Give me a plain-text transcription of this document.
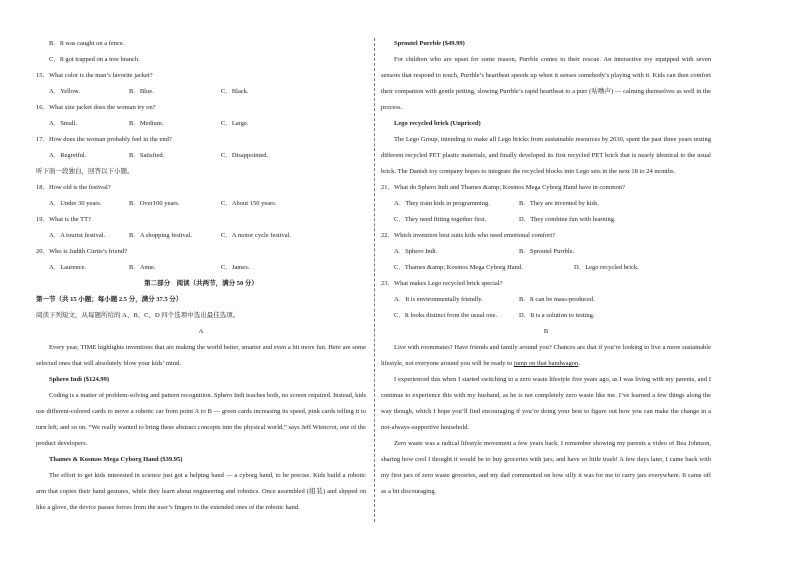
B．It was caught on a fence.
C．It got trapped on a tree branch.
15．What color is the man’s favorite jacket?
A．Yellow.	B．Blue.	C．Black.
16．What size jacket does the woman try on?
A．Small.	B．Medium.	C．Large.
17．How does the woman probably feel in the end?
A．Regretful.	B．Satisfied.	C．Disappointed.
听下面一段独白，回答以下小题。
18．How old is the festival?
A．Under 30 years.	B．Over100 years.	C．About 150 years.
19．What is the TT?
A．A tourist festival.	B．A shopping festival.	C．A motor cycle festival.
20．Who is Judith Curtis’s friend?
A．Laurence.	B．Anne.	C．James.
第二部分　阅读（共两节，满分 50 分）
第一节（共 15 小题；每小题 2.5 分，满分 37.5 分）
阅读下列短文，从每题所给的 A、B、C、D 四个选项中选出最佳选项。
A
Every year, TIME highlights inventions that are making the world better, smarter and even a bit more fun. Here are some selected ones that will absolutely blow your kids’ mind.
Sphero Indi ($124.99)
Coding is a matter of problem-solving and pattern recognition. Sphero Indi teaches both, no screen required. Instead, kids use different-colored cards to move a robotic car from point A to B — green cards increasing its speed, pink cards telling it to turn left, and so on. “We really wanted to bring these abstract concepts into the physical world,” says Jeff Wiencrot, one of the product developers.
Thames & Kosmos Mega Cyborg Hand ($39.95)
The effort to get kids interested in science just got a helping hand — a cyborg hand, to be precise. Kids build a robotic arm that copies their hand gestures, while they learn about engineering and robotics. Once assembled (组装) and slipped on like a glove, the device passes forces from the user’s fingers to the extended ones of the robotic hand.
Sproutel Purrble ($49.99)
For children who are upset for some reason, Purrble comes to their rescue. An interactive toy equipped with seven sensors that respond to touch, Purrble’s heartbeat speeds up when it senses somebody’s playing with it. Kids can then comfort their companion with gentle petting, slowing Purrble’s rapid heartbeat to a purr (咕噜声) — calming themselves as well in the process.
Lego recycled brick (Unpriced)
The Lego Group, intending to make all Lego bricks from sustainable resources by 2030, spent the past three years testing different recycled PET plastic materials, and finally developed its first recycled PET brick that is nearly identical to the usual brick. The Danish toy company hopes to integrate the recycled blocks into Lego sets in the next 18 to 24 months.
21．What do Sphero Indi and Thames &amp; Kosmos Mega Cyborg Hand have in common?
A．They train kids in programming.	B．They are invented by kids.
C．They need fitting together first.	D．They combine fun with learning.
22．Which invention best suits kids who need emotional comfort?
A．Sphero Indi.	B．Sproutel Purrble.
C．Thames &amp; Kosmos Mega Cyborg Hand.	D．Lego recycled brick.
23．What makes Lego recycled brick special?
A．It is environmentally friendly.	B．It can be mass-produced.
C．It looks distinct from the usual one.	D．It is a solution to testing.
B
Live with roommates? Have friends and family around you? Chances are that if you’re looking to live a more sustainable lifestyle, not everyone around you will be ready to jump on that bandwagon.
I experienced this when I started switching to a zero waste lifestyle five years ago, as I was living with my parents, and I continue to experience this with my husband, as he is not completely zero waste like me. I’ve learned a few things along the way though, which I hope you’ll find encouraging if you’re doing your best to figure out how you can make the change in a not-always-supportive household.
Zero waste was a radical lifestyle movement a few years back. I remember showing my parents a video of Bea Johnson, sharing how cool I thought it would be to buy groceries with jars, and have so little trash! A few days later, I came back with my first jars of zero waste groceries, and my dad commented on how silly it was for me to carry jars everywhere. It came off as a bit discouraging.
